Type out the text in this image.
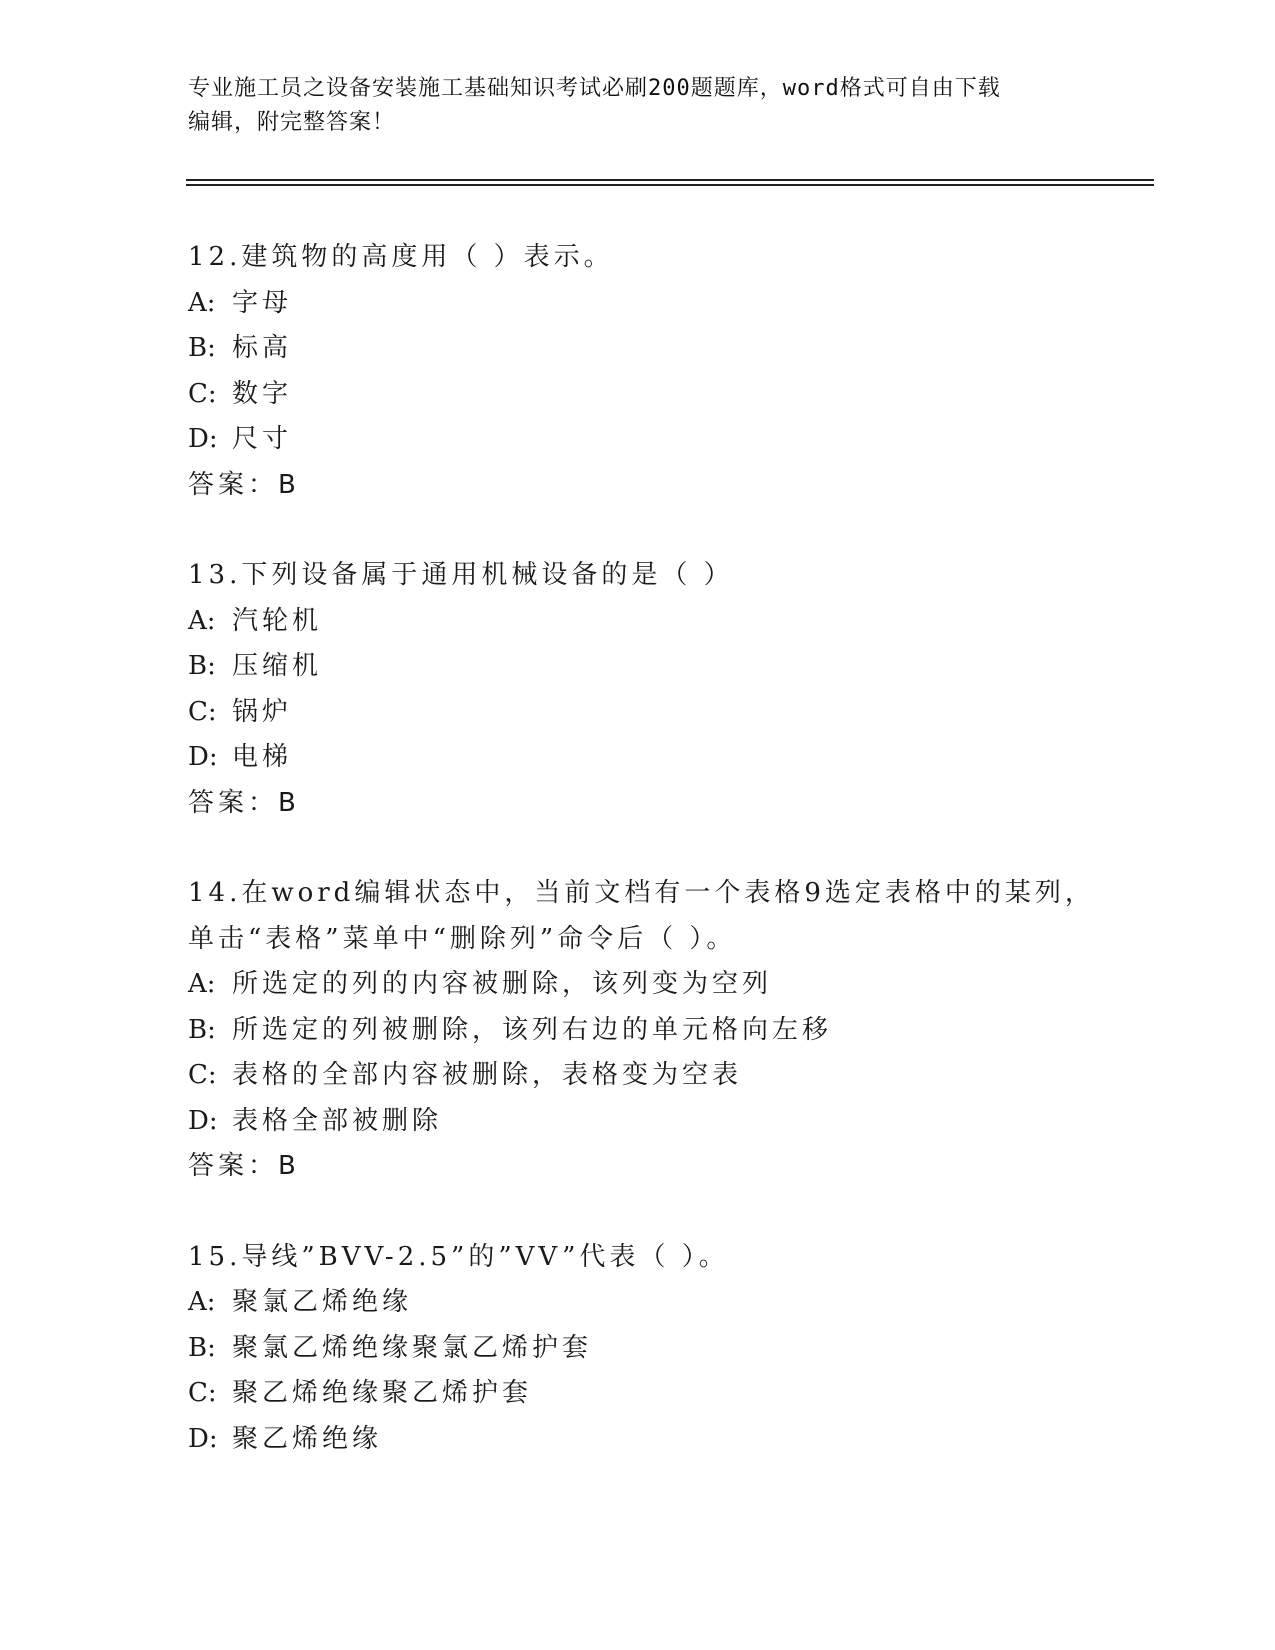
专业施工员之设备安装施工基础知识考试必刷200题题库，word格式可自由下载
编辑，附完整答案！
12.建筑物的高度用（ ）表示。
A: 字母
B: 标高
C: 数字
D: 尺寸
答案：B
13.下列设备属于通用机械设备的是（ ）
A: 汽轮机
B: 压缩机
C: 锅炉
D: 电梯
答案：B
14.在word编辑状态中，当前文档有一个表格9选定表格中的某列，
单击“表格”菜单中“删除列”命令后（ ）。
A: 所选定的列的内容被删除，该列变为空列
B: 所选定的列被删除，该列右边的单元格向左移
C: 表格的全部内容被删除，表格变为空表
D: 表格全部被删除
答案：B
15.导线”BVV-2.5”的”VV”代表（ ）。
A: 聚氯乙烯绝缘
B: 聚氯乙烯绝缘聚氯乙烯护套
C: 聚乙烯绝缘聚乙烯护套
D: 聚乙烯绝缘
